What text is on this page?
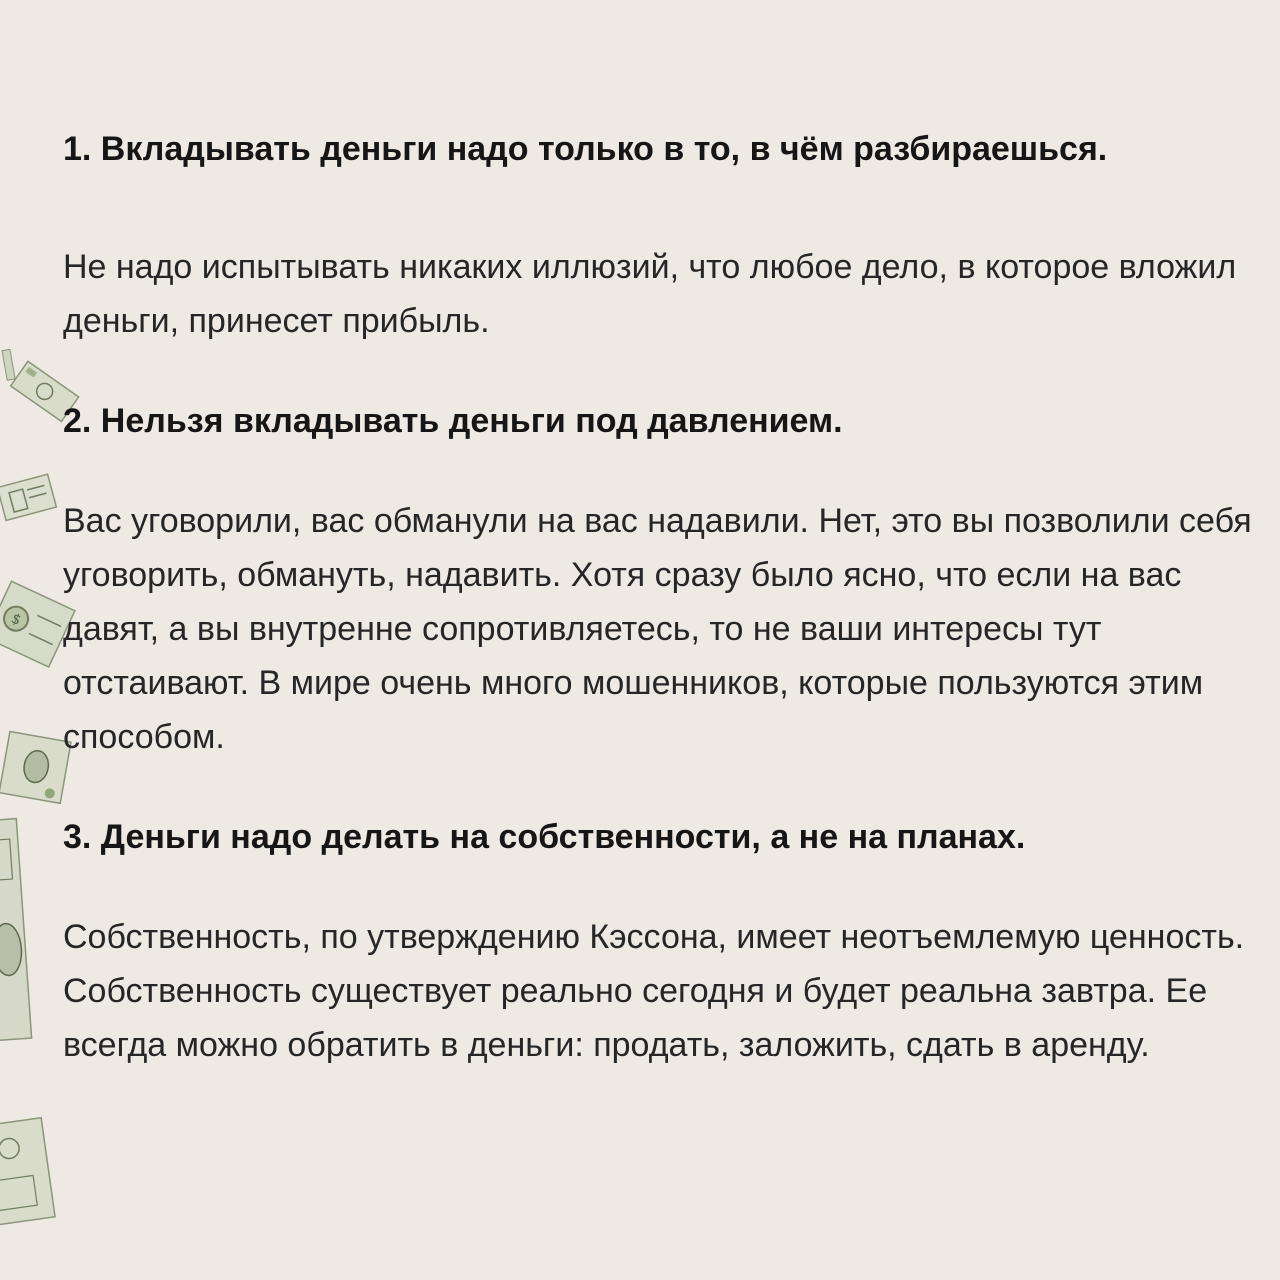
$

1. Вкладывать деньги надо только в то, в чём разбираешься.

Не надо испытывать никаких иллюзий, что любое дело, в которое вложил деньги, принесет прибыль.

2. Нельзя вкладывать деньги под давлением.

Вас уговорили, вас обманули на вас надавили. Нет, это вы позволили себя уговорить, обмануть, надавить. Хотя сразу было ясно, что если на вас давят, а вы внутренне сопротивляетесь, то не ваши интересы тут отстаивают. В мире очень много мошенников, которые пользуются этим способом.

3. Деньги надо делать на собственности, а не на планах.

Собственность, по утверждению Кэссона, имеет неотъемлемую ценность. Собственность существует реально сегодня и будет реальна завтра. Ее всегда можно обратить в деньги: продать, заложить, сдать в аренду.
